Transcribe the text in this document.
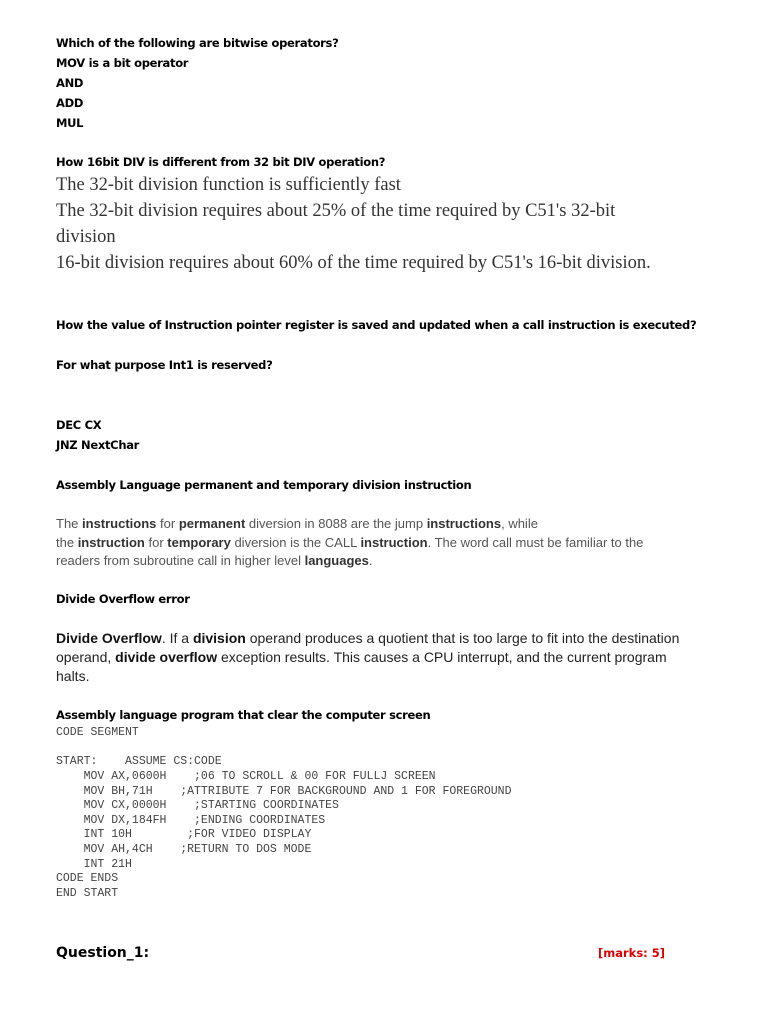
Which of the following are bitwise operators?
MOV is a bit operator
AND
ADD
MUL
How 16bit DIV is different from 32 bit DIV operation?
The 32-bit division function is sufficiently fast
The 32-bit division requires about 25% of the time required by C51's 32-bit
division
16-bit division requires about 60% of the time required by C51's 16-bit division.
How the value of Instruction pointer register is saved and updated when a call instruction is executed?
For what purpose Int1 is reserved?
DEC CX
JNZ NextChar
Assembly Language permanent and temporary division instruction
The instructions for permanent diversion in 8088 are the jump instructions, while
the instruction for temporary diversion is the CALL instruction. The word call must be familiar to the
readers from subroutine call in higher level languages.
Divide Overflow error
Divide Overflow. If a division operand produces a quotient that is too large to fit into the destination
operand, divide overflow exception results. This causes a CPU interrupt, and the current program
halts.
Assembly language program that clear the computer screen
CODE SEGMENT
START:    ASSUME CS:CODE
MOV AX,0600H    ;06 TO SCROLL & 00 FOR FULLJ SCREEN
MOV BH,71H    ;ATTRIBUTE 7 FOR BACKGROUND AND 1 FOR FOREGROUND
MOV CX,0000H    ;STARTING COORDINATES
MOV DX,184FH    ;ENDING COORDINATES
INT 10H        ;FOR VIDEO DISPLAY
MOV AH,4CH    ;RETURN TO DOS MODE
INT 21H
CODE ENDS
END START
Question_1:	[marks: 5]
